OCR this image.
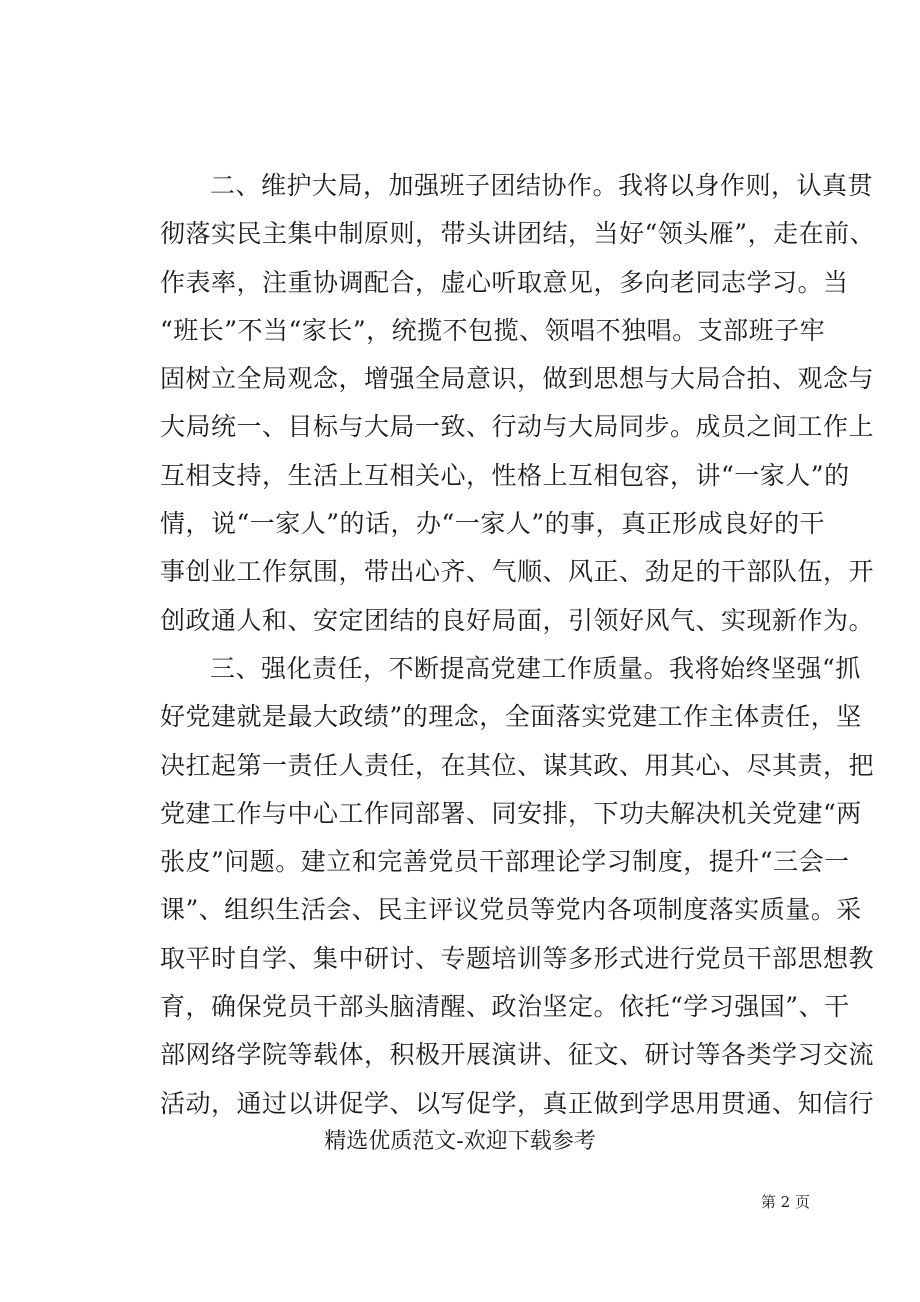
二、维护大局，加强班子团结协作。我将以身作则，认真贯
彻落实民主集中制原则，带头讲团结，当好“领头雁”，走在前、
作表率，注重协调配合，虚心听取意见，多向老同志学习。当
“班长”不当“家长”，统揽不包揽、领唱不独唱。支部班子牢
固树立全局观念，增强全局意识，做到思想与大局合拍、观念与
大局统一、目标与大局一致、行动与大局同步。成员之间工作上
互相支持，生活上互相关心，性格上互相包容，讲“一家人”的
情，说“一家人”的话，办“一家人”的事，真正形成良好的干
事创业工作氛围，带出心齐、气顺、风正、劲足的干部队伍，开
创政通人和、安定团结的良好局面，引领好风气、实现新作为。
三、强化责任，不断提高党建工作质量。我将始终坚强“抓
好党建就是最大政绩”的理念，全面落实党建工作主体责任，坚
决扛起第一责任人责任，在其位、谋其政、用其心、尽其责，把
党建工作与中心工作同部署、同安排，下功夫解决机关党建“两
张皮”问题。建立和完善党员干部理论学习制度，提升“三会一
课”、组织生活会、民主评议党员等党内各项制度落实质量。采
取平时自学、集中研讨、专题培训等多形式进行党员干部思想教
育，确保党员干部头脑清醒、政治坚定。依托“学习强国”、干
部网络学院等载体，积极开展演讲、征文、研讨等各类学习交流
活动，通过以讲促学、以写促学，真正做到学思用贯通、知信行
精选优质范文-欢迎下载参考
第 2 页
